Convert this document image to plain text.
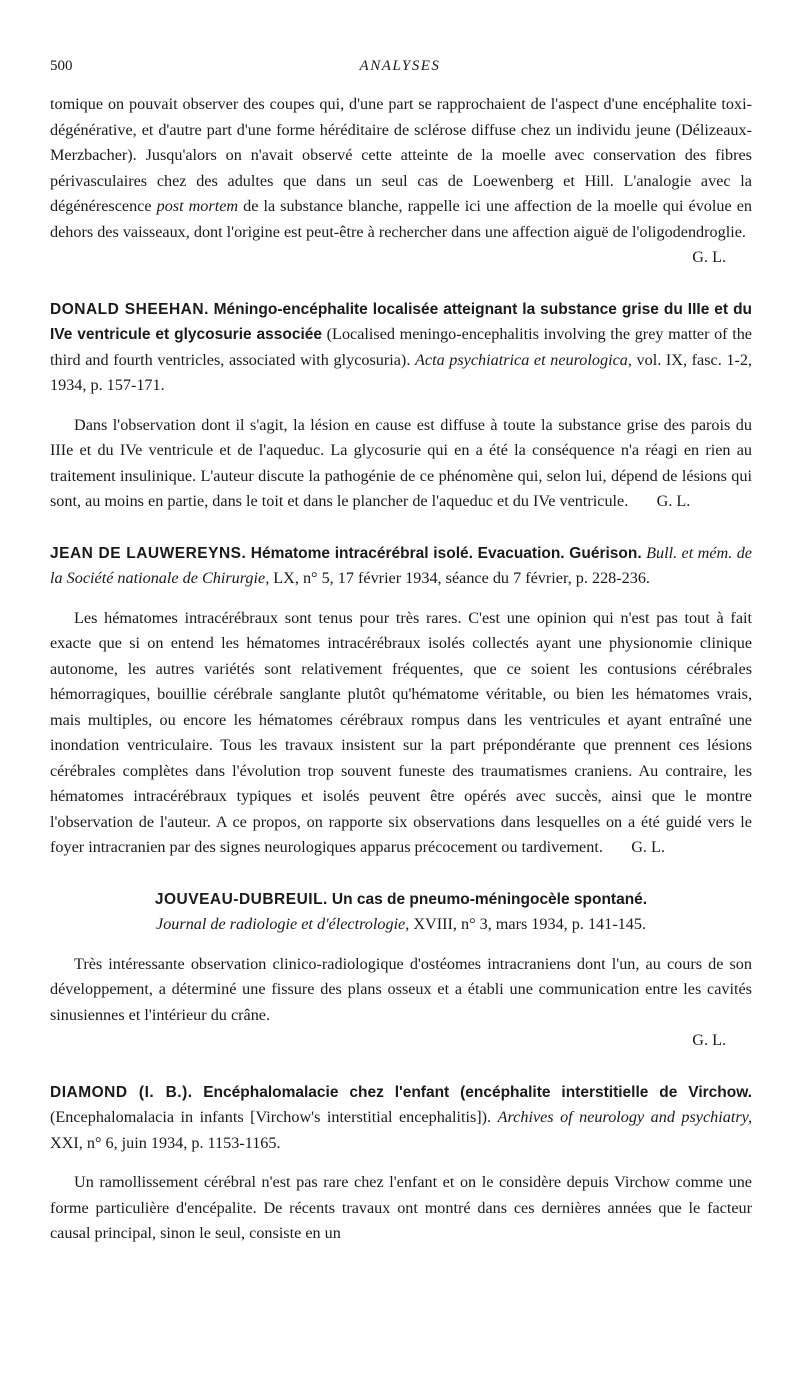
500	ANALYSES

tomique on pouvait observer des coupes qui, d'une part se rapprochaient de l'aspect d'une encéphalite toxi-dégénérative, et d'autre part d'une forme héréditaire de sclérose diffuse chez un individu jeune (Délizeaux-Merzbacher). Jusqu'alors on n'avait observé cette atteinte de la moelle avec conservation des fibres périvasculaires chez des adultes que dans un seul cas de Loewenberg et Hill. L'analogie avec la dégénérescence post mortem de la substance blanche, rappelle ici une affection de la moelle qui évolue en dehors des vaisseaux, dont l'origine est peut-être à rechercher dans une affection aiguë de l'oligodendroglie.

G. L.

DONALD SHEEHAN. Méningo-encéphalite localisée atteignant la substance grise du IIIe et du IVe ventricule et glycosurie associée (Localised meningo-encephalitis involving the grey matter of the third and fourth ventricles, associated with glycosuria). Acta psychiatrica et neurologica, vol. IX, fasc. 1-2, 1934, p. 157-171.

Dans l'observation dont il s'agit, la lésion en cause est diffuse à toute la substance grise des parois du IIIe et du IVe ventricule et de l'aqueduc. La glycosurie qui en a été la conséquence n'a réagi en rien au traitement insulinique. L'auteur discute la pathogénie de ce phénomène qui, selon lui, dépend de lésions qui sont, au moins en partie, dans le toit et dans le plancher de l'aqueduc et du IVe ventricule. G. L.

JEAN DE LAUWEREYNS. Hématome intracérébral isolé. Evacuation. Guérison. Bull. et mém. de la Société nationale de Chirurgie, LX, n° 5, 17 février 1934, séance du 7 février, p. 228-236.

Les hématomes intracérébraux sont tenus pour très rares. C'est une opinion qui n'est pas tout à fait exacte que si on entend les hématomes intracérébraux isolés collectés ayant une physionomie clinique autonome, les autres variétés sont relativement fréquentes, que ce soient les contusions cérébrales hémorragiques, bouillie cérébrale sanglante plutôt qu'hématome véritable, ou bien les hématomes vrais, mais multiples, ou encore les hématomes cérébraux rompus dans les ventricules et ayant entraîné une inondation ventriculaire. Tous les travaux insistent sur la part prépondérante que prennent ces lésions cérébrales complètes dans l'évolution trop souvent funeste des traumatismes craniens. Au contraire, les hématomes intracérébraux typiques et isolés peuvent être opérés avec succès, ainsi que le montre l'observation de l'auteur. A ce propos, on rapporte six observations dans lesquelles on a été guidé vers le foyer intracranien par des signes neurologiques apparus précocement ou tardivement. G. L.

JOUVEAU-DUBREUIL. Un cas de pneumo-méningocèle spontané.
Journal de radiologie et d'électrologie, XVIII, n° 3, mars 1934, p. 141-145.

Très intéressante observation clinico-radiologique d'ostéomes intracraniens dont l'un, au cours de son développement, a déterminé une fissure des plans osseux et a établi une communication entre les cavités sinusiennes et l'intérieur du crâne.

G. L.

DIAMOND (I. B.). Encéphalomalacie chez l'enfant (encéphalite interstitielle de Virchow. (Encephalomalacia in infants [Virchow's interstitial encephalitis]). Archives of neurology and psychiatry, XXI, n° 6, juin 1934, p. 1153-1165.

Un ramollissement cérébral n'est pas rare chez l'enfant et on le considère depuis Virchow comme une forme particulière d'encépalite. De récents travaux ont montré dans ces dernières années que le facteur causal principal, sinon le seul, consiste en un
